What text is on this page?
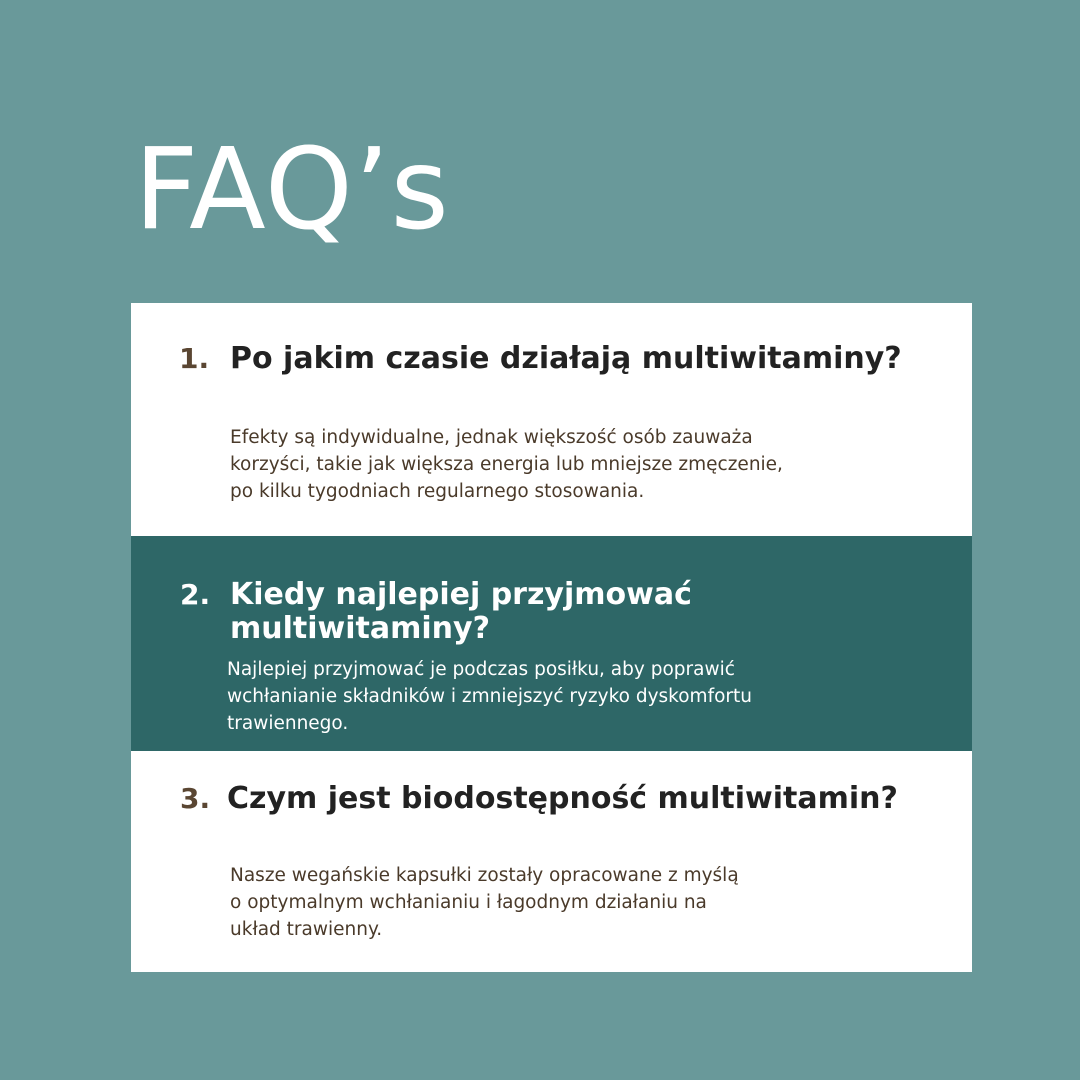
FAQ’s
1. Po jakim czasie działają multiwitaminy?

Efekty są indywidualne, jednak większość osób zauważa
korzyści, takie jak większa energia lub mniejsze zmęczenie,
po kilku tygodniach regularnego stosowania.

2. Kiedy najlepiej przyjmować multiwitaminy?

Najlepiej przyjmować je podczas posiłku, aby poprawić
wchłanianie składników i zmniejszyć ryzyko dyskomfortu
trawiennego.

3. Czym jest biodostępność multiwitamin?

Nasze wegańskie kapsułki zostały opracowane z myślą
o optymalnym wchłanianiu i łagodnym działaniu na
układ trawienny.
